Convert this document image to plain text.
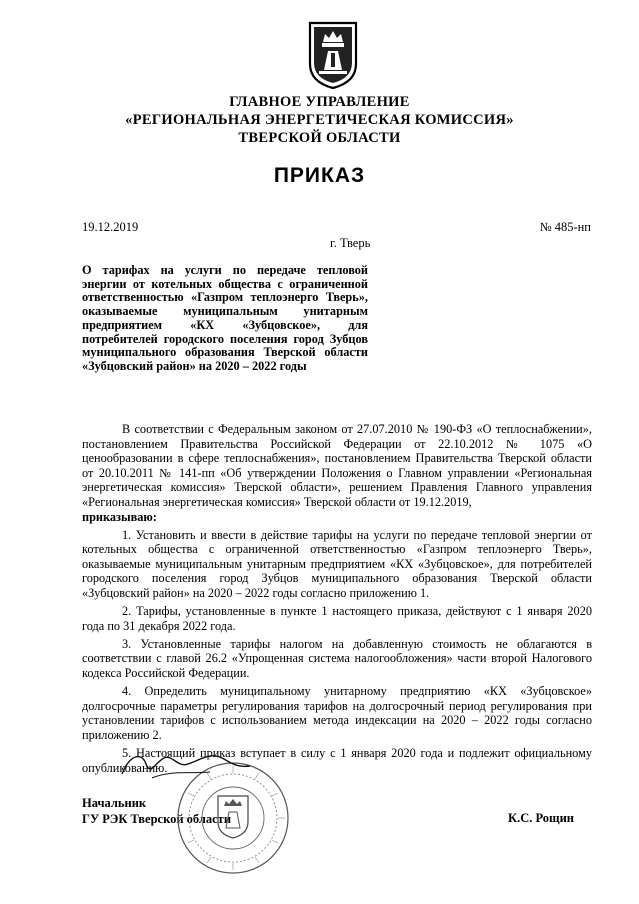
ГЛАВНОЕ УПРАВЛЕНИЕ
«РЕГИОНАЛЬНАЯ ЭНЕРГЕТИЧЕСКАЯ КОМИССИЯ»
ТВЕРСКОЙ ОБЛАСТИ
ПРИКАЗ
19.12.2019	№ 485-нп
г. Тверь
О тарифах на услуги по передаче тепловой энергии от котельных общества с ограниченной ответственностью «Газпром теплоэнерго Тверь», оказываемые муниципальным унитарным предприятием «КХ «Зубцовское», для потребителей городского поселения город Зубцов муниципального образования Тверской области «Зубцовский район» на 2020 – 2022 годы

В соответствии с Федеральным законом от 27.07.2010 № 190-ФЗ «О теплоснабжении», постановлением Правительства Российской Федерации от 22.10.2012 № 1075 «О ценообразовании в сфере теплоснабжения», постановлением Правительства Тверской области от 20.10.2011 № 141-пп «Об утверждении Положения о Главном управлении «Региональная энергетическая комиссия» Тверской области», решением Правления Главного управления «Региональная энергетическая комиссия» Тверской области от 19.12.2019,

приказываю:

1. Установить и ввести в действие тарифы на услуги по передаче тепловой энергии от котельных общества с ограниченной ответственностью «Газпром теплоэнерго Тверь», оказываемые муниципальным унитарным предприятием «КХ «Зубцовское», для потребителей городского поселения город Зубцов муниципального образования Тверской области «Зубцовский район» на 2020 – 2022 годы согласно приложению 1.

2. Тарифы, установленные в пункте 1 настоящего приказа, действуют с 1 января 2020 года по 31 декабря 2022 года.

3. Установленные тарифы налогом на добавленную стоимость не облагаются в соответствии с главой 26.2 «Упрощенная система налогообложения» части второй Налогового кодекса Российской Федерации.

4. Определить муниципальному унитарному предприятию «КХ «Зубцовское» долгосрочные параметры регулирования тарифов на долгосрочный период регулирования при установлении тарифов с использованием метода индексации на 2020 – 2022 годы согласно приложению 2.

5. Настоящий приказ вступает в силу с 1 января 2020 года и подлежит официальному опубликованию.

Начальник
ГУ РЭК Тверской области	К.С. Рощин
